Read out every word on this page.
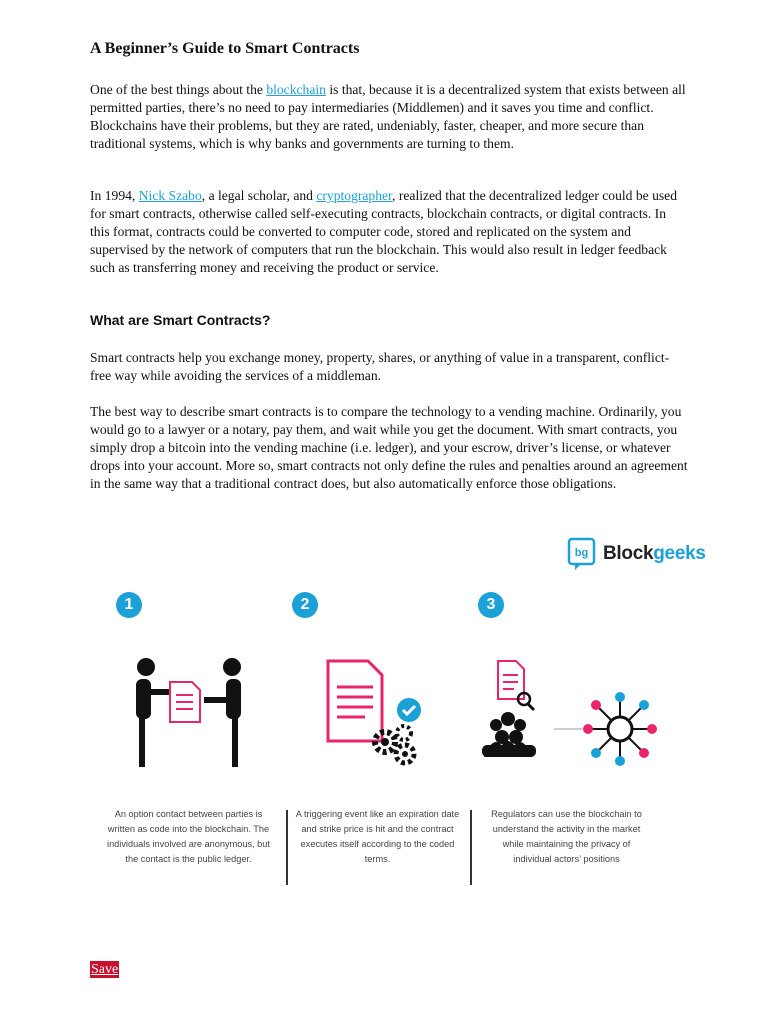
A Beginner’s Guide to Smart Contracts

One of the best things about the blockchain is that, because it is a decentralized system that exists between all permitted parties, there’s no need to pay intermediaries (Middlemen) and it saves you time and conflict. Blockchains have their problems, but they are rated, undeniably, faster, cheaper, and more secure than traditional systems, which is why banks and governments are turning to them.

In 1994, Nick Szabo, a legal scholar, and cryptographer, realized that the decentralized ledger could be used for smart contracts, otherwise called self-executing contracts, blockchain contracts, or digital contracts. In this format, contracts could be converted to computer code, stored and replicated on the system and supervised by the network of computers that run the blockchain. This would also result in ledger feedback such as transferring money and receiving the product or service.

What are Smart Contracts?

Smart contracts help you exchange money, property, shares, or anything of value in a transparent, conflict-free way while avoiding the services of a middleman.

The best way to describe smart contracts is to compare the technology to a vending machine. Ordinarily, you would go to a lawyer or a notary, pay them, and wait while you get the document. With smart contracts, you simply drop a bitcoin into the vending machine (i.e. ledger), and your escrow, driver’s license, or whatever drops into your account. More so, smart contracts not only define the rules and penalties around an agreement in the same way that a traditional contract does, but also automatically enforce those obligations.

bg Blockgeeks
1
An option contact between parties is written as code into the blockchain. The individuals involved are anonymous, but the contact is the public ledger.
2
A triggering event like an expiration date and strike price is hit and the contract executes itself according to the coded terms.
3
Regulators can use the blockchain to understand the activity in the market while maintaining the privacy of individual actors’ positions
Save
